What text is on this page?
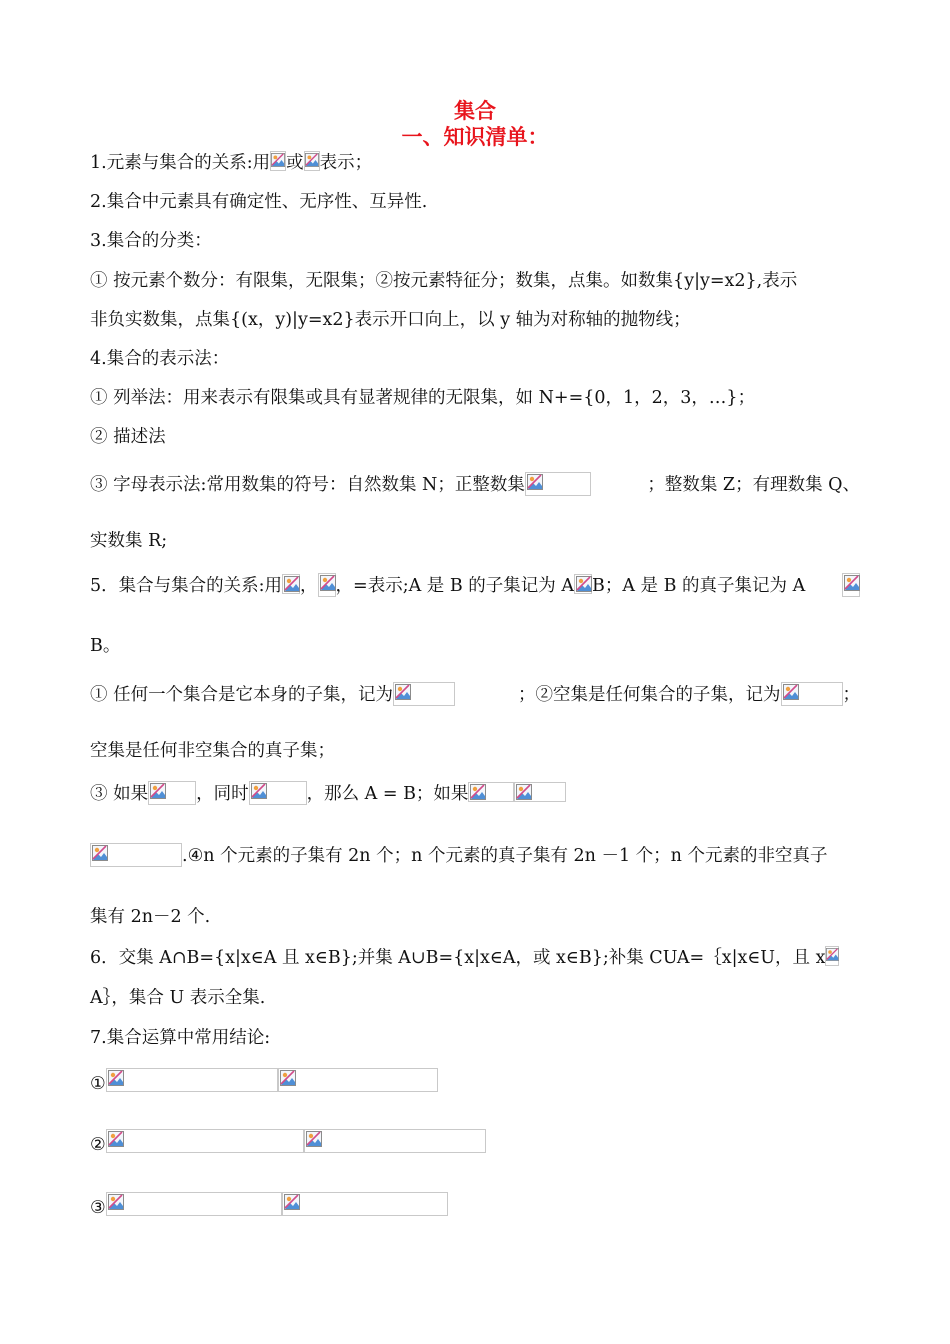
集合
一、知识清单：
1.元素与集合的关系:用 或 表示；
2.集合中元素具有确定性、无序性、互异性.
3.集合的分类：
① 按元素个数分：有限集，无限集；②按元素特征分；数集，点集。如数集{y|y=x2},表示
非负实数集，点集{(x，y)|y=x2}表示开口向上，以 y 轴为对称轴的抛物线；
4.集合的表示法：
① 列举法：用来表示有限集或具有显著规律的无限集，如 N+={0，1，2，3，…}；
② 描述法
③ 字母表示法:常用数集的符号：自然数集 N；正整数集	；整数集 Z；有理数集 Q、
实数集 R;
5．集合与集合的关系:用 ， ，=表示;A 是 B 的子集记为 A B；A 是 B 的真子集记为 A
B。
① 任何一个集合是它本身的子集，记为	；②空集是任何集合的子集，记为	；
空集是任何非空集合的真子集；
③ 如果	，同时	，那么 A = B；如果
.④n 个元素的子集有 2n 个；n 个元素的真子集有 2n －1 个；n 个元素的非空真子
集有 2n－2 个.
6．交集 A∩B={x|x∈A 且 x∈B};并集 A∪B={x|x∈A，或 x∈B};补集 CUA=｛x|x∈U，且 x
A｝，集合 U 表示全集.
7.集合运算中常用结论:
①
②
③
